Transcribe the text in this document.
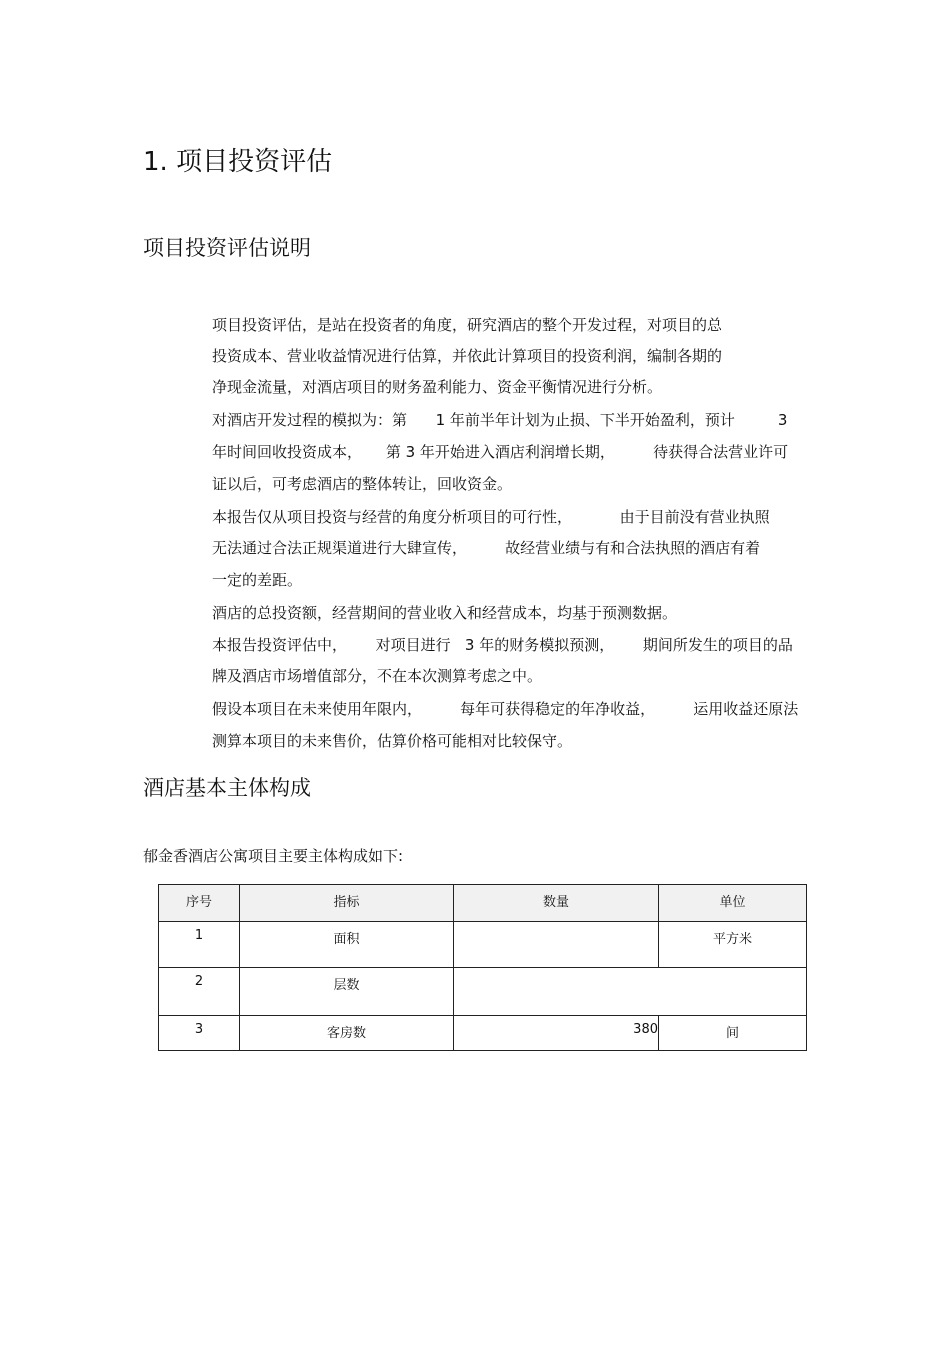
1. 项目投资评估
项目投资评估说明

项目投资评估，是站在投资者的角度，研究酒店的整个开发过程，对项目的总

投资成本、营业收益情况进行估算，并依此计算项目的投资利润，编制各期的

净现金流量，对酒店项目的财务盈利能力、资金平衡情况进行分析。

对酒店开发过程的模拟为：第      1 年前半年计划为止损、下半开始盈利，预计         3

年时间回收投资成本，     第 3 年开始进入酒店利润增长期，        待获得合法营业许可

证以后，可考虑酒店的整体转让，回收资金。

本报告仅从项目投资与经营的角度分析项目的可行性，          由于目前没有营业执照

无法通过合法正规渠道进行大肆宣传，        故经营业绩与有和合法执照的酒店有着

一定的差距。

酒店的总投资额，经营期间的营业收入和经营成本，均基于预测数据。

本报告投资评估中，      对项目进行   3 年的财务模拟预测，      期间所发生的项目的品

牌及酒店市场增值部分，不在本次测算考虑之中。

假设本项目在未来使用年限内，        每年可获得稳定的年净收益，        运用收益还原法

测算本项目的未来售价，估算价格可能相对比较保守。

酒店基本主体构成

郁金香酒店公寓项目主要主体构成如下:

序号	指标	数量	单位
1	面积		平方米
2	层数		
3	客房数	380	间
